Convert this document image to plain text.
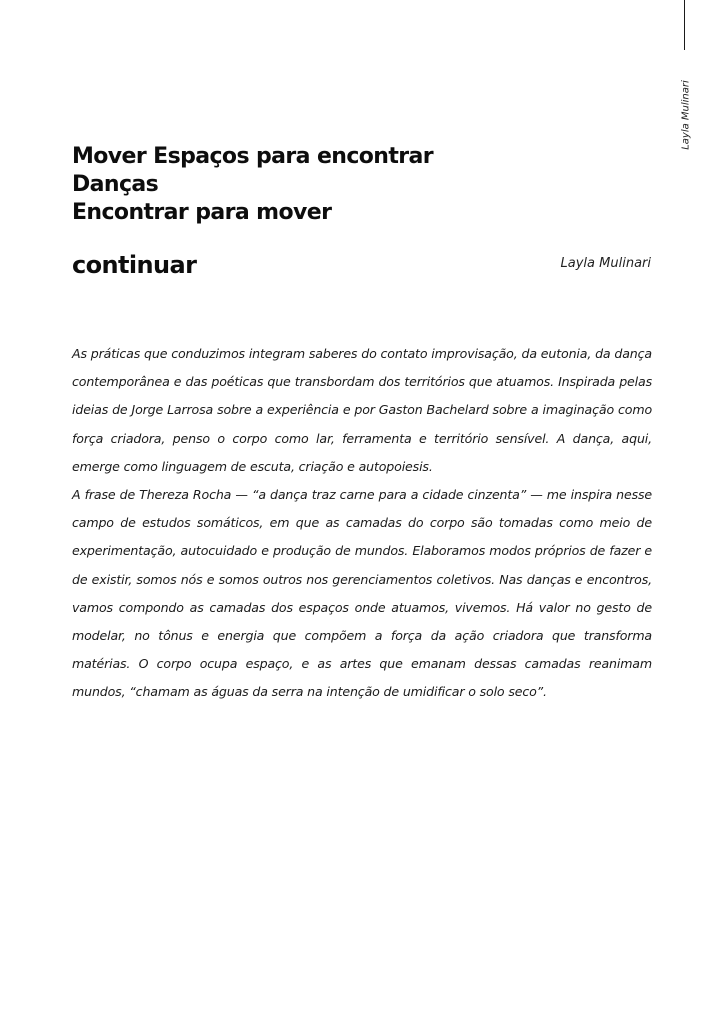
Layla Mulinari
Mover Espaços para encontrar
Danças
Encontrar para mover
continuar	Layla Mulinari

As práticas que conduzimos integram saberes do contato improvisação, da eutonia, da dança contemporânea e das poéticas que transbordam dos territórios que atuamos. Inspirada pelas ideias de Jorge Larrosa sobre a experiência e por Gaston Bachelard sobre a imaginação como força criadora, penso o corpo como lar, ferramenta e território sensível. A dança, aqui, emerge como linguagem de escuta, criação e autopoiesis.

A frase de Thereza Rocha — “a dança traz carne para a cidade cinzenta” — me inspira nesse campo de estudos somáticos, em que as camadas do corpo são tomadas como meio de experimentação, autocuidado e produção de mundos. Elaboramos modos próprios de fazer e de existir, somos nós e somos outros nos gerenciamentos coletivos. Nas danças e encontros, vamos compondo as camadas dos espaços onde atuamos, vivemos. Há valor no gesto de modelar, no tônus e energia que compõem a força da ação criadora que transforma matérias. O corpo ocupa espaço, e as artes que emanam dessas camadas reanimam mundos, “chamam as águas da serra na intenção de umidificar o solo seco”.
